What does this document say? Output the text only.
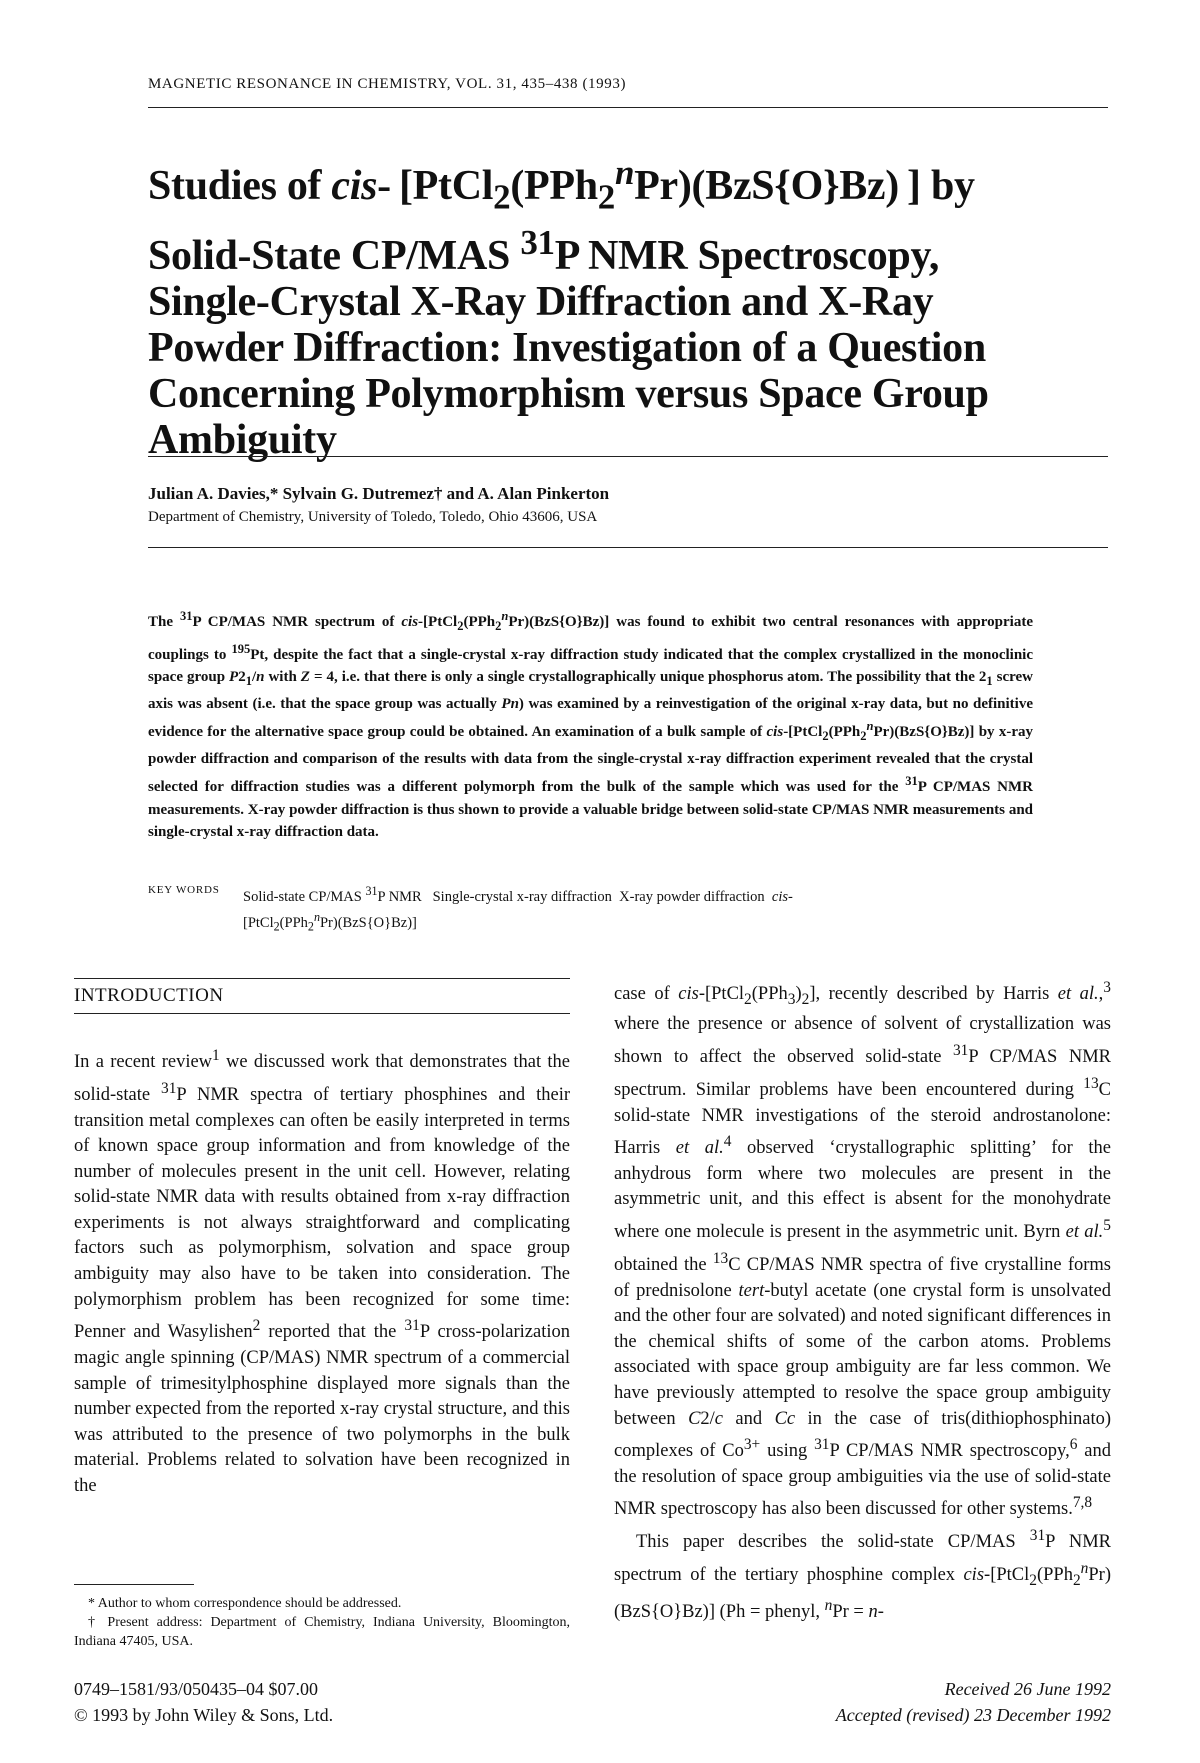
MAGNETIC RESONANCE IN CHEMISTRY, VOL. 31, 435–438 (1993)
Studies of cis- [PtCl$_2$(PPh$_2^n$Pr)(BzS{O}Bz) ] by Solid-State CP/MAS $^{31}$P NMR Spectroscopy, Single-Crystal X-Ray Diffraction and X-Ray Powder Diffraction: Investigation of a Question Concerning Polymorphism versus Space Group Ambiguity
Julian A. Davies,* Sylvain G. Dutremez† and A. Alan Pinkerton
Department of Chemistry, University of Toledo, Toledo, Ohio 43606, USA

The $^{31}$P CP/MAS NMR spectrum of cis-[PtCl$_2$(PPh$_2^n$Pr)(BzS{O}Bz)] was found to exhibit two central resonances with appropriate couplings to $^{195}$Pt, despite the fact that a single-crystal x-ray diffraction study indicated that the complex crystallized in the monoclinic space group $P2_1/n$ with Z = 4, i.e. that there is only a single crystallographically unique phosphorus atom. The possibility that the $2_1$ screw axis was absent (i.e. that the space group was actually Pn) was examined by a reinvestigation of the original x-ray data, but no definitive evidence for the alternative space group could be obtained. An examination of a bulk sample of cis-[PtCl$_2$(PPh$_2^n$Pr)(BzS{O}Bz)] by x-ray powder diffraction and comparison of the results with data from the single-crystal x-ray diffraction experiment revealed that the crystal selected for diffraction studies was a different polymorph from the bulk of the sample which was used for the $^{31}$P CP/MAS NMR measurements. X-ray powder diffraction is thus shown to provide a valuable bridge between solid-state CP/MAS NMR measurements and single-crystal x-ray diffraction data.

KEY WORDS Solid-state CP/MAS $^{31}$P NMR   Single-crystal x-ray diffraction  X-ray powder diffraction  cis-
[PtCl$_2$(PPh$_2^n$Pr)(BzS{O}Bz)]
INTRODUCTION

In a recent review$^1$ we discussed work that demonstrates that the solid-state $^{31}$P NMR spectra of tertiary phosphines and their transition metal complexes can often be easily interpreted in terms of known space group information and from knowledge of the number of molecules present in the unit cell. However, relating solid-state NMR data with results obtained from x-ray diffraction experiments is not always straightforward and complicating factors such as polymorphism, solvation and space group ambiguity may also have to be taken into consideration. The polymorphism problem has been recognized for some time: Penner and Wasylishen$^2$ reported that the $^{31}$P cross-polarization magic angle spinning (CP/MAS) NMR spectrum of a commercial sample of trimesitylphosphine displayed more signals than the number expected from the reported x-ray crystal structure, and this was attributed to the presence of two polymorphs in the bulk material. Problems related to solvation have been recognized in the

case of cis-$[PtCl_2(PPh_3)_2]$, recently described by Harris et al.,$^3$ where the presence or absence of solvent of crystallization was shown to affect the observed solid-state $^{31}$P CP/MAS NMR spectrum. Similar problems have been encountered during $^{13}$C solid-state NMR investigations of the steroid androstanolone: Harris et al.$^4$ observed ‘crystallographic splitting’ for the anhydrous form where two molecules are present in the asymmetric unit, and this effect is absent for the monohydrate where one molecule is present in the asymmetric unit. Byrn et al.$^5$ obtained the $^{13}$C CP/MAS NMR spectra of five crystalline forms of prednisolone tert-butyl acetate (one crystal form is unsolvated and the other four are solvated) and noted significant differences in the chemical shifts of some of the carbon atoms. Problems associated with space group ambiguity are far less common. We have previously attempted to resolve the space group ambiguity between C2/c and Cc in the case of tris(dithiophosphinato) complexes of $Co^{3+}$ using $^{31}$P CP/MAS NMR spectroscopy,$^6$ and the resolution of space group ambiguities via the use of solid-state NMR spectroscopy has also been discussed for other systems.$^{7,8}$
This paper describes the solid-state CP/MAS $^{31}$P NMR spectrum of the tertiary phosphine complex cis-[PtCl$_2$(PPh$_2^n$Pr)(BzS{O}Bz)] (Ph = phenyl, $^n$Pr = n-

* Author to whom correspondence should be addressed.

† Present address: Department of Chemistry, Indiana University, Bloomington, Indiana 47405, USA.

0749–1581/93/050435–04 $07.00
© 1993 by John Wiley & Sons, Ltd.
Received 26 June 1992
Accepted (revised) 23 December 1992
